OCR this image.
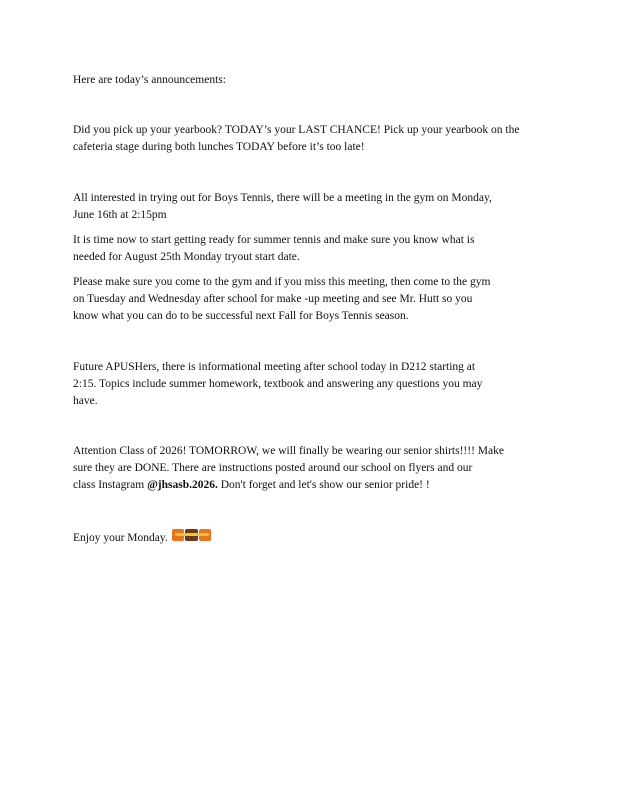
Here are today’s announcements:
Did you pick up your yearbook? TODAY’s your LAST CHANCE! Pick up your yearbook on the
cafeteria stage during both lunches TODAY before it’s too late!
All interested in trying out for Boys Tennis, there will be a meeting in the gym on Monday,
June 16th at 2:15pm
It is time now to start getting ready for summer tennis and make sure you know what is
needed for August 25th Monday tryout start date.
Please make sure you come to the gym and if you miss this meeting, then come to the gym
on Tuesday and Wednesday after school for make -up meeting and see Mr. Hutt so you
know what you can do to be successful next Fall for Boys Tennis season.
Future APUSHers, there is informational meeting after school today in D212 starting at
2:15. Topics include summer homework, textbook and answering any questions you may
have.
Attention Class of 2026! TOMORROW, we will finally be wearing our senior shirts!!!! Make
sure they are DONE. There are instructions posted around our school on flyers and our
class Instagram @jhsasb.2026. Don't forget and let's show our senior pride! !
Enjoy your Monday.
